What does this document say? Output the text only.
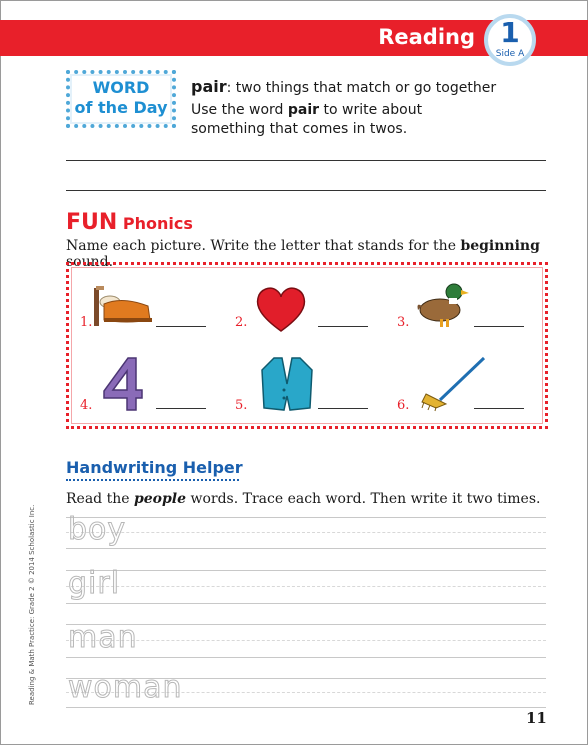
Reading 1
Side A
WORD
of the Day
pair: two things that match or go together
Use the word pair to write about something that comes in twos.
FUN Phonics
Name each picture. Write the letter that stands for the beginning sound.
1.	2.	3.
4.	5.	6.
Handwriting Helper
Read the people words. Trace each word. Then write it two times.
boy
girl
man
woman
Reading & Math Practice: Grade 2 © 2014 Scholastic Inc.
11
